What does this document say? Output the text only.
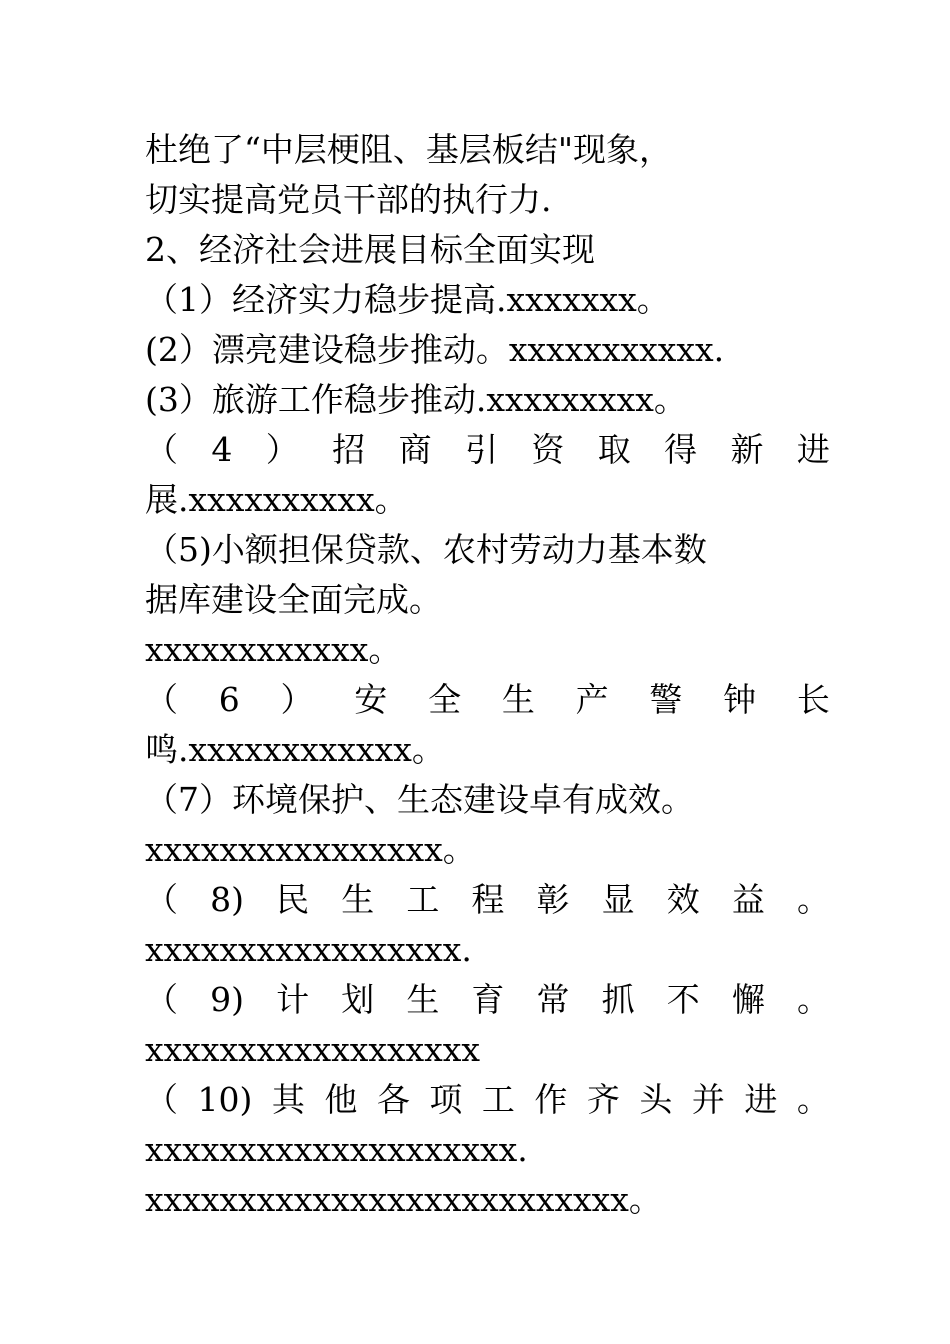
杜绝了“中层梗阻、基层板结"现象，
切实提高党员干部的执行力.
2、经济社会进展目标全面实现
（1）经济实力稳步提高.xxxxxxx。
(2）漂亮建设稳步推动。xxxxxxxxxxx.
(3）旅游工作稳步推动.xxxxxxxxx。
（ 4 ） 招 商 引 资 取 得 新 进
展.xxxxxxxxxx。
（5)小额担保贷款、农村劳动力基本数
据库建设全面完成。
xxxxxxxxxxxx。
（ 6 ） 安 全 生 产 警 钟 长
鸣.xxxxxxxxxxxx。
（7）环境保护、生态建设卓有成效。
xxxxxxxxxxxxxxxx。
（ 8) 民 生 工 程 彰 显 效 益 。
xxxxxxxxxxxxxxxxx.
（ 9) 计 划 生 育 常 抓 不 懈 。
xxxxxxxxxxxxxxxxxx
（ 10) 其 他 各 项 工 作 齐 头 并 进 。
xxxxxxxxxxxxxxxxxxxx.
xxxxxxxxxxxxxxxxxxxxxxxxxx。
